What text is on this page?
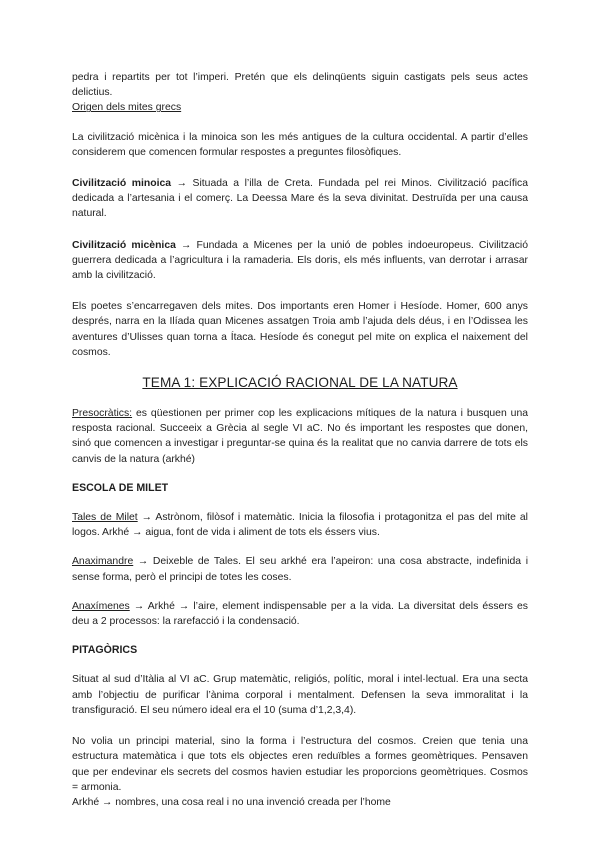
pedra i repartits per tot l’imperi. Pretén que els delinqüents siguin castigats pels seus actes delictius.

Origen dels mites grecs

La civilització micènica i la minoica son les més antigues de la cultura occidental. A partir d’elles considerem que comencen formular respostes a preguntes filosòfiques.

Civilització minoica → Situada a l’illa de Creta. Fundada pel rei Minos. Civilització pacífica dedicada a l’artesania i el comerç. La Deessa Mare és la seva divinitat. Destruïda per una causa natural.

Civilització micènica → Fundada a Micenes per la unió de pobles indoeuropeus. Civilització guerrera dedicada a l’agricultura i la ramaderia. Els doris, els més influents, van derrotar i arrasar amb la civilització.

Els poetes s’encarregaven dels mites. Dos importants eren Homer i Hesíode. Homer, 600 anys després, narra en la Ilíada quan Micenes assatgen Troia amb l’ajuda dels déus, i en l’Odissea les aventures d’Ulisses quan torna a Ítaca. Hesíode és conegut pel mite on explica el naixement del cosmos.

TEMA 1: EXPLICACIÓ RACIONAL DE LA NATURA

Presocràtics: es qüestionen per primer cop les explicacions mítiques de la natura i busquen una resposta racional. Succeeix a Grècia al segle VI aC. No és important les respostes que donen, sinó que comencen a investigar i preguntar-se quina és la realitat que no canvia darrere de tots els canvis de la natura (arkhé)

ESCOLA DE MILET

Tales de Milet → Astrònom, filòsof i matemàtic. Inicia la filosofia i protagonitza el pas del mite al logos. Arkhé → aigua, font de vida i aliment de tots els éssers vius.

Anaximandre → Deixeble de Tales. El seu arkhé era l’apeiron: una cosa abstracte, indefinida i sense forma, però el principi de totes les coses.

Anaxímenes → Arkhé → l’aire, element indispensable per a la vida. La diversitat dels éssers es deu a 2 processos: la rarefacció i la condensació.

PITAGÒRICS

Situat al sud d’Itàlia al VI aC. Grup matemàtic, religiós, polític, moral i intel·lectual. Era una secta amb l’objectiu de purificar l’ànima corporal i mentalment. Defensen la seva immoralitat i la transfiguració. El seu número ideal era el 10 (suma d’1,2,3,4).

No volia un principi material, sino la forma i l’estructura del cosmos. Creien que tenia una estructura matemàtica i que tots els objectes eren reduïbles a formes geomètriques. Pensaven que per endevinar els secrets del cosmos havien estudiar les proporcions geomètriques. Cosmos = armonia.

Arkhé → nombres, una cosa real i no una invenció creada per l’home
